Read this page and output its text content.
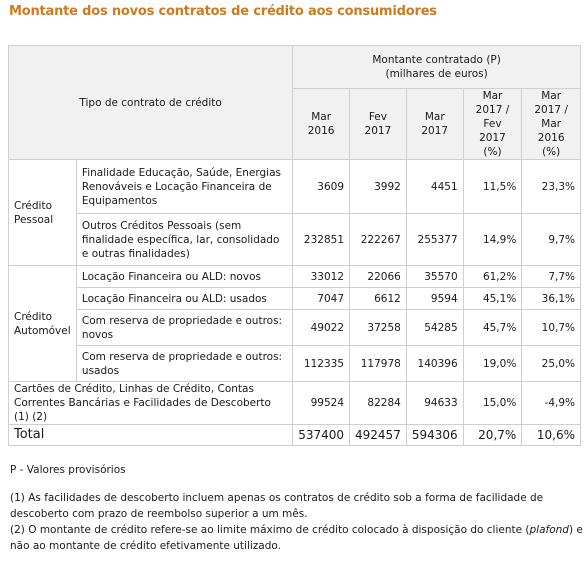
Montante dos novos contratos de crédito aos consumidores
Tipo de contrato de crédito		Montante contratado (P)
(milhares de euros)				

		Mar 2016	Fev 2017	Mar 2017	Mar 2017 / Fev 2017 (%)	Mar 2017 / Mar 2016 (%)
Crédito Pessoal	Finalidade Educação, Saúde, Energias Renováveis e Locação Financeira de Equipamentos	3609	3992	4451	11,5%	23,3%
	Outros Créditos Pessoais (sem finalidade específica, lar, consolidado e outras finalidades)	232851	222267	255377	14,9%	9,7%
Crédito Automóvel	Locação Financeira ou ALD: novos	33012	22066	35570	61,2%	7,7%
	Locação Financeira ou ALD: usados	7047	6612	9594	45,1%	36,1%
	Com reserva de propriedade e outros: novos	49022	37258	54285	45,7%	10,7%
	Com reserva de propriedade e outros: usados	112335	117978	140396	19,0%	25,0%
Cartões de Crédito, Linhas de Crédito, Contas Correntes Bancárias e Facilidades de Descoberto (1) (2)		99524	82284	94633	15,0%	-4,9%
Total		537400	492457	594306	20,7%	10,6%

P - Valores provisórios

(1) As facilidades de descoberto incluem apenas os contratos de crédito sob a forma de facilidade de descoberto com prazo de reembolso superior a um mês.

(2) O montante de crédito refere-se ao limite máximo de crédito colocado à disposição do cliente (plafond) e não ao montante de crédito efetivamente utilizado.
